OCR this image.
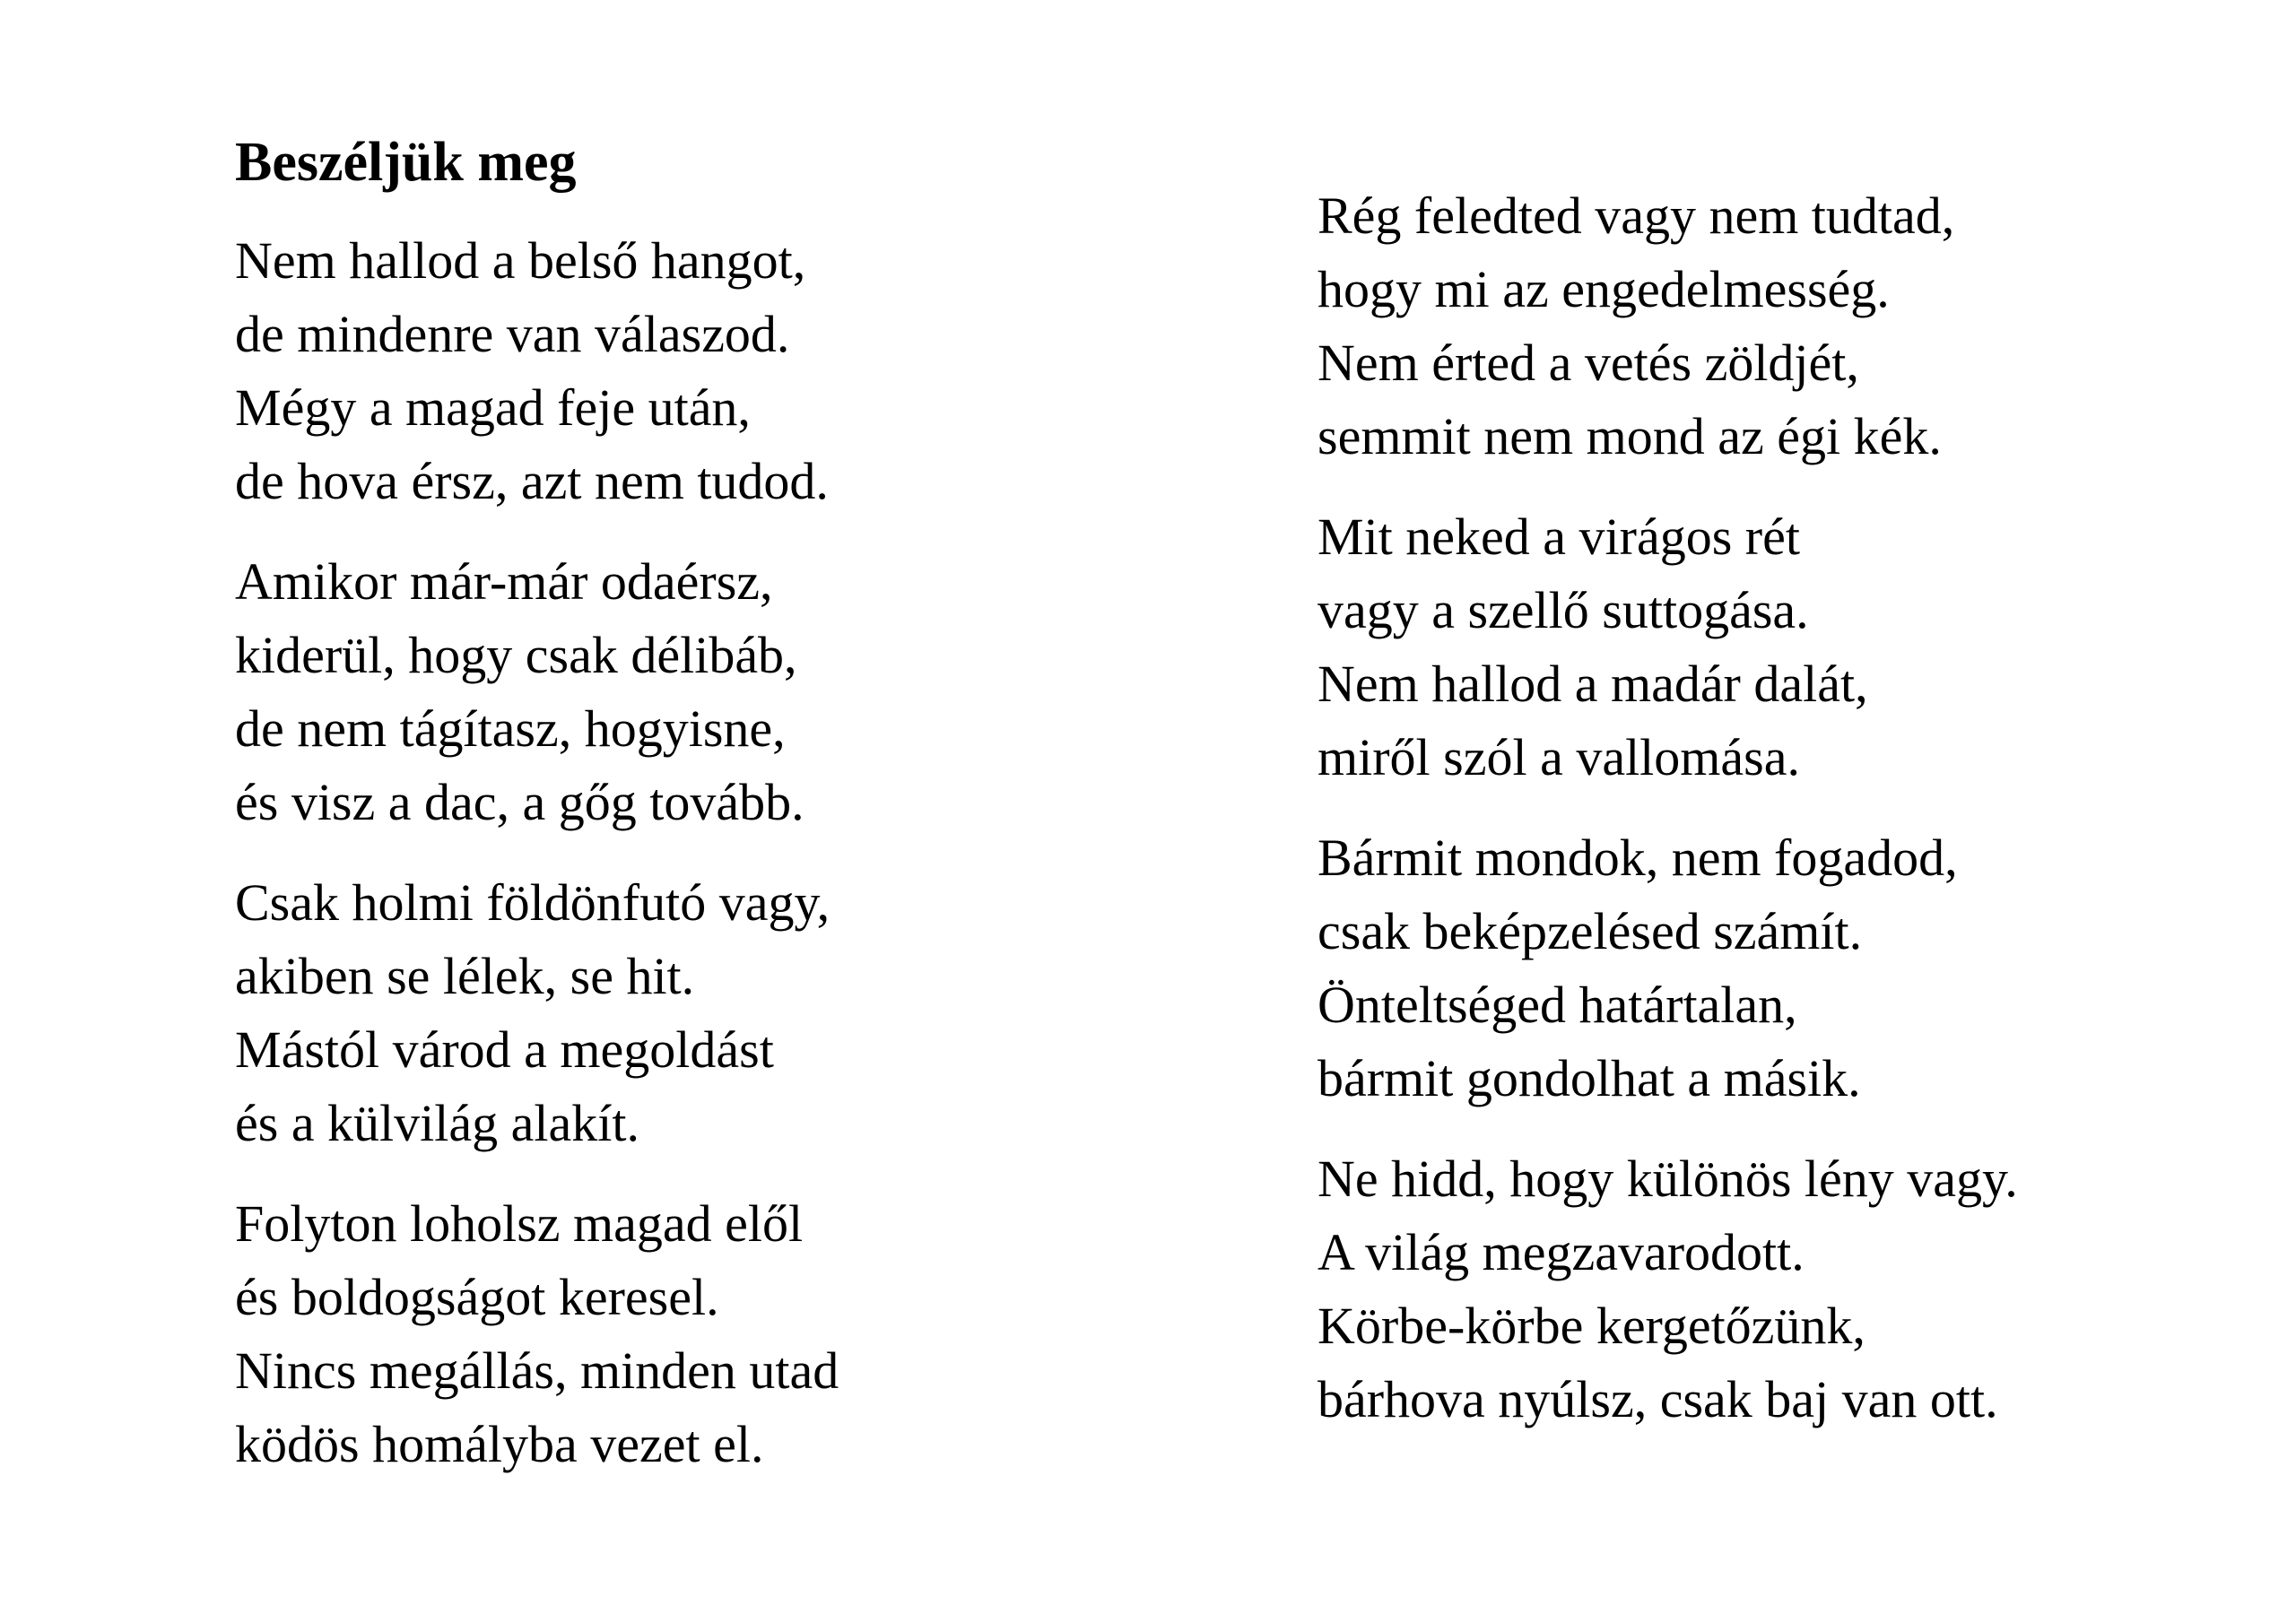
Beszéljük meg
Nem hallod a belső hangot,
de mindenre van válaszod.
Mégy a magad feje után,
de hova érsz, azt nem tudod.
Amikor már-már odaérsz,
kiderül, hogy csak délibáb,
de nem tágítasz, hogyisne,
és visz a dac, a gőg tovább.
Csak holmi földönfutó vagy,
akiben se lélek, se hit.
Mástól várod a megoldást
és a külvilág alakít.
Folyton loholsz magad elől
és boldogságot keresel.
Nincs megállás, minden utad
ködös homályba vezet el.
Rég feledted vagy nem tudtad,
hogy mi az engedelmesség.
Nem érted a vetés zöldjét,
semmit nem mond az égi kék.
Mit neked a virágos rét
vagy a szellő suttogása.
Nem hallod a madár dalát,
miről szól a vallomása.
Bármit mondok, nem fogadod,
csak beképzelésed számít.
Önteltséged határtalan,
bármit gondolhat a másik.
Ne hidd, hogy különös lény vagy.
A világ megzavarodott.
Körbe-körbe kergetőzünk,
bárhova nyúlsz, csak baj van ott.
